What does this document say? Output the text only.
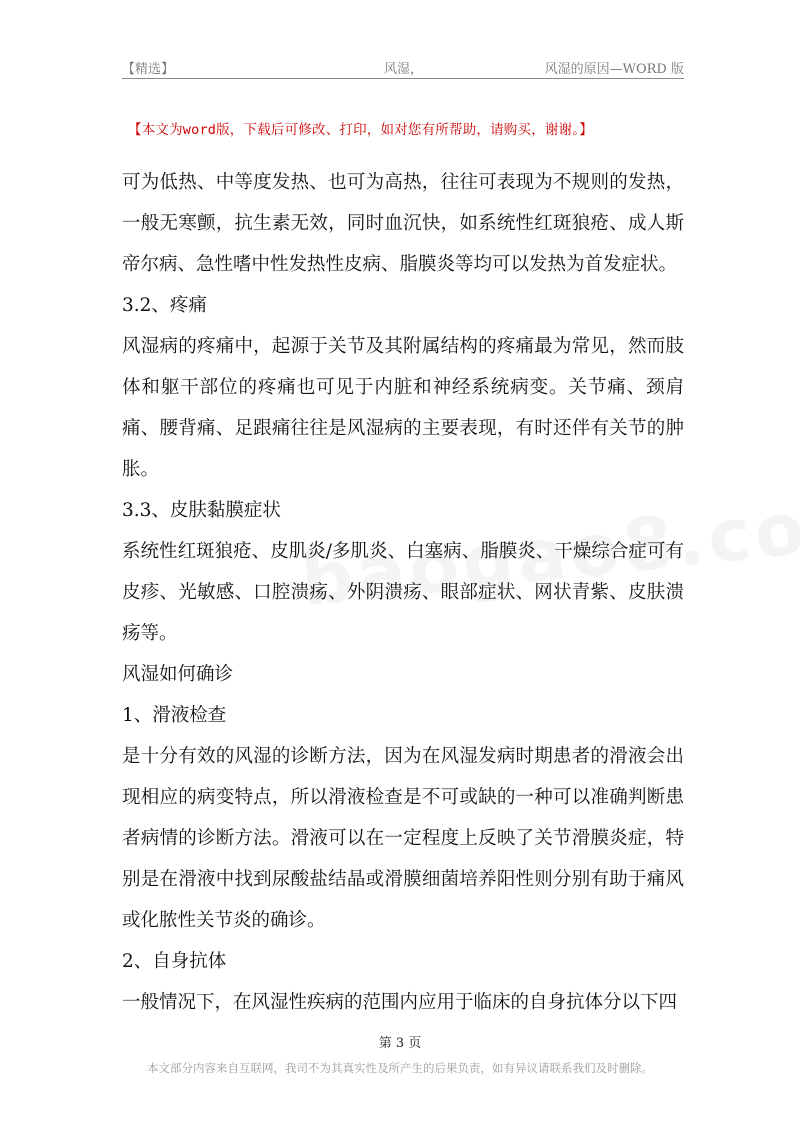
【精选】	风湿，	风湿的原因—WORD 版
【本文为word版，下载后可修改、打印，如对您有所帮助，请购买，谢谢。】

可为低热、中等度发热、也可为高热，往往可表现为不规则的发热，一般无寒颤，抗生素无效，同时血沉快，如系统性红斑狼疮、成人斯帝尔病、急性嗜中性发热性皮病、脂膜炎等均可以发热为首发症状。

3.2、疼痛

风湿病的疼痛中，起源于关节及其附属结构的疼痛最为常见，然而肢体和躯干部位的疼痛也可见于内脏和神经系统病变。关节痛、颈肩痛、腰背痛、足跟痛往往是风湿病的主要表现，有时还伴有关节的肿胀。

3.3、皮肤黏膜症状

系统性红斑狼疮、皮肌炎/多肌炎、白塞病、脂膜炎、干燥综合症可有皮疹、光敏感、口腔溃疡、外阴溃疡、眼部症状、网状青紫、皮肤溃疡等。

风湿如何确诊

1、滑液检查

是十分有效的风湿的诊断方法，因为在风湿发病时期患者的滑液会出现相应的病变特点，所以滑液检查是不可或缺的一种可以准确判断患者病情的诊断方法。滑液可以在一定程度上反映了关节滑膜炎症，特别是在滑液中找到尿酸盐结晶或滑膜细菌培养阳性则分别有助于痛风或化脓性关节炎的确诊。

2、自身抗体

一般情况下，在风湿性疾病的范围内应用于临床的自身抗体分以下四

第 3 页
本文部分内容来自互联网，我司不为其真实性及所产生的后果负责，如有异议请联系我们及时删除。
